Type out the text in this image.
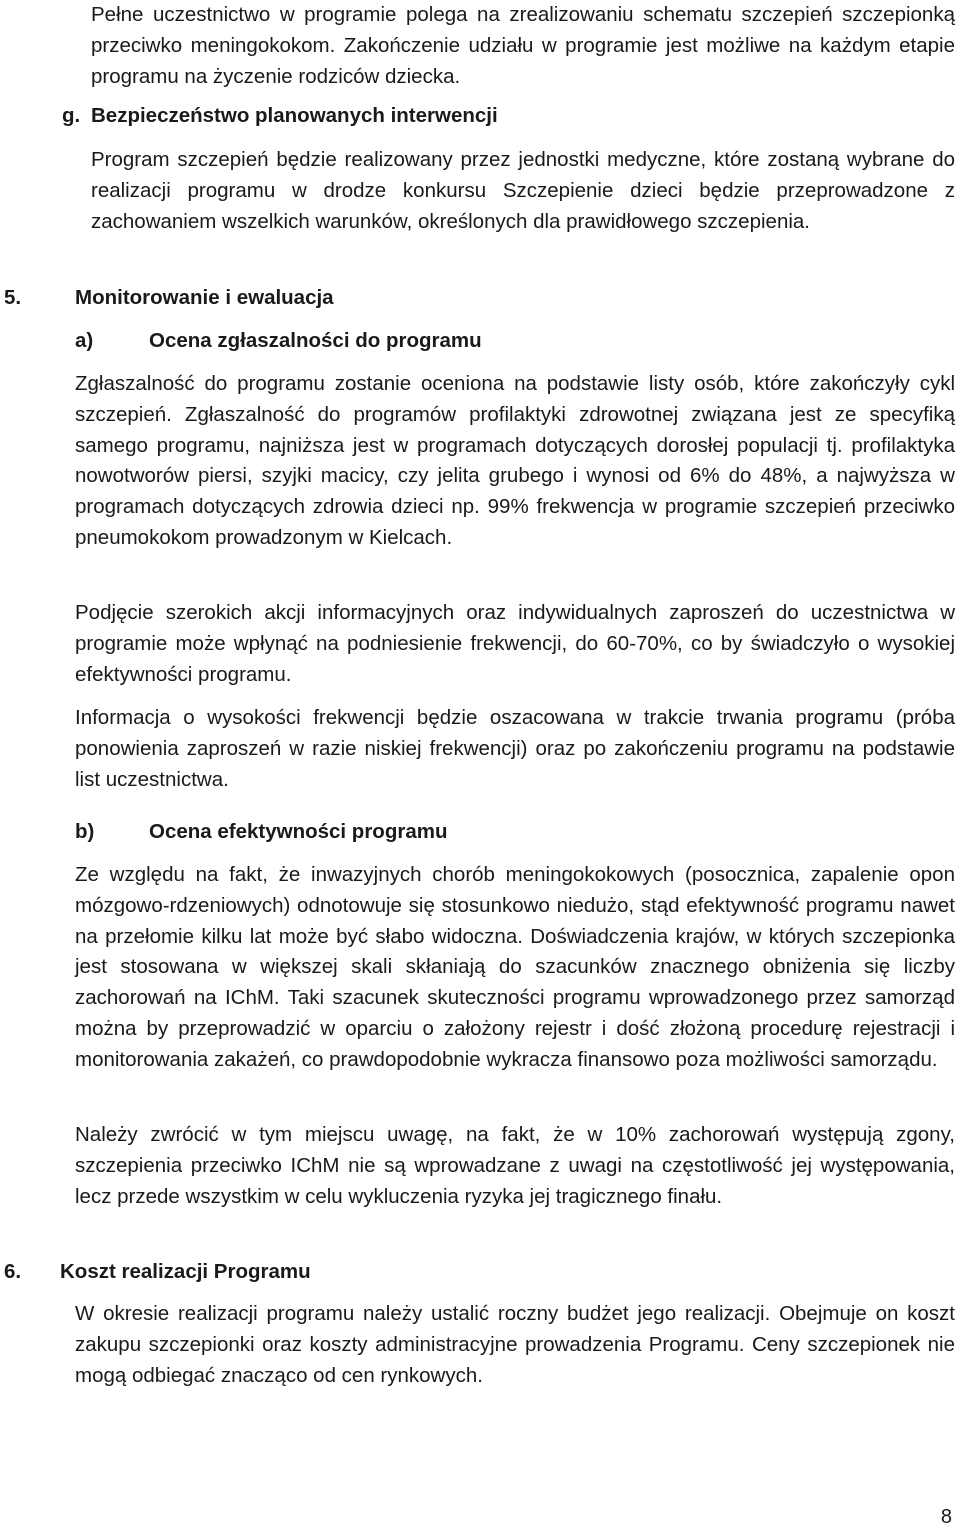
Pełne uczestnictwo w programie polega na zrealizowaniu schematu szczepień szczepionką przeciwko meningokokom. Zakończenie udziału w programie jest możliwe na każdym etapie programu na życzenie rodziców dziecka.

g. Bezpieczeństwo planowanych interwencji

Program szczepień będzie realizowany przez jednostki medyczne, które zostaną wybrane do realizacji programu w drodze konkursu Szczepienie dzieci będzie przeprowadzone z zachowaniem wszelkich warunków, określonych dla prawidłowego szczepienia.

5.	Monitorowanie i ewaluacja
a)	Ocena zgłaszalności do programu

Zgłaszalność do programu zostanie oceniona na podstawie listy osób, które zakończyły cykl szczepień. Zgłaszalność do programów profilaktyki zdrowotnej związana jest ze specyfiką samego programu, najniższa jest w programach dotyczących dorosłej populacji tj. profilaktyka nowotworów piersi, szyjki macicy, czy jelita grubego i wynosi od 6% do 48%, a najwyższa w programach dotyczących zdrowia dzieci np. 99% frekwencja w programie szczepień przeciwko pneumokokom prowadzonym w Kielcach.

Podjęcie szerokich akcji informacyjnych oraz indywidualnych zaproszeń do uczestnictwa w programie może wpłynąć na podniesienie frekwencji, do 60-70%, co by świadczyło o wysokiej efektywności programu.

Informacja o wysokości frekwencji będzie oszacowana w trakcie trwania programu (próba ponowienia zaproszeń w razie niskiej frekwencji) oraz po zakończeniu programu na podstawie list uczestnictwa.

b)	Ocena efektywności programu

Ze względu na fakt, że inwazyjnych chorób meningokokowych (posocznica, zapalenie opon mózgowo-rdzeniowych) odnotowuje się stosunkowo niedużo, stąd efektywność programu nawet na przełomie kilku lat może być słabo widoczna. Doświadczenia krajów, w których szczepionka jest stosowana w większej skali skłaniają do szacunków znacznego obniżenia się liczby zachorowań na IChM. Taki szacunek skuteczności programu wprowadzonego przez samorząd można by przeprowadzić w oparciu o założony rejestr i dość złożoną procedurę rejestracji i monitorowania zakażeń, co prawdopodobnie wykracza finansowo poza możliwości samorządu.

Należy zwrócić w tym miejscu uwagę, na fakt, że w 10% zachorowań występują zgony, szczepienia przeciwko IChM nie są wprowadzane z uwagi na częstotliwość jej występowania, lecz przede wszystkim w celu wykluczenia ryzyka jej tragicznego finału.

6. Koszt realizacji Programu

W okresie realizacji programu należy ustalić roczny budżet jego realizacji. Obejmuje on koszt zakupu szczepionki oraz koszty administracyjne prowadzenia Programu. Ceny szczepionek nie mogą odbiegać znacząco od cen rynkowych.

8
